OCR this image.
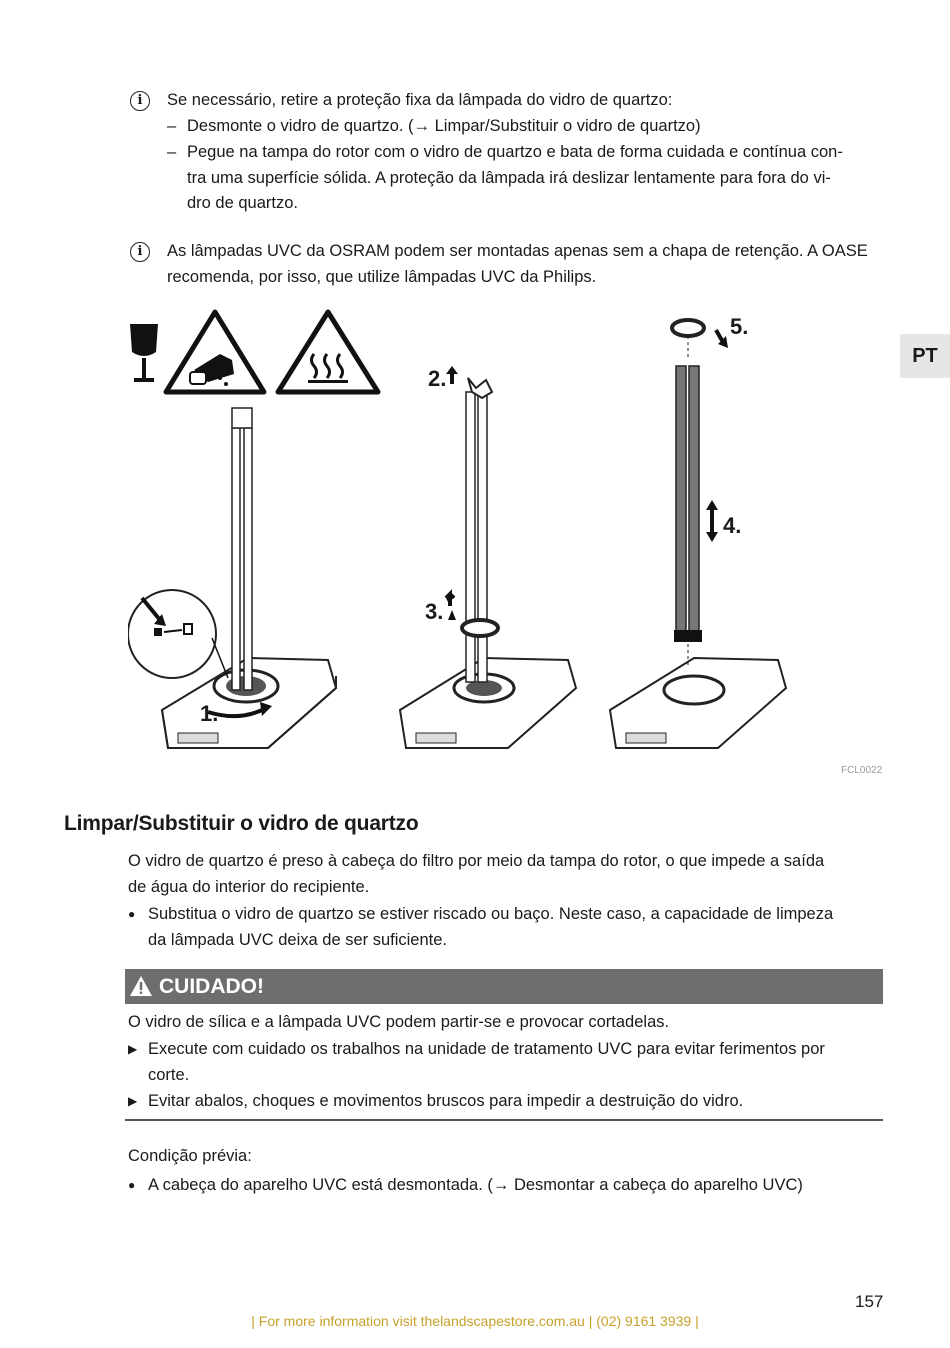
i	Se necessário, retire a proteção fixa da lâmpada do vidro de quartzo:
– Desmonte o vidro de quartzo. (→ Limpar/Substituir o vidro de quartzo)
– Pegue na tampa do rotor com o vidro de quartzo e bata de forma cuidada e contínua con-
tra uma superfície sólida. A proteção da lâmpada irá deslizar lentamente para fora do vi-
dro de quartzo.
i	As lâmpadas UVC da OSRAM podem ser montadas apenas sem a chapa de retenção. A OASE
recomenda, por isso, que utilize lâmpadas UVC da Philips.
PT
1.
2.
3.
4.
5.
FCL0022
Limpar/Substituir o vidro de quartzo
O vidro de quartzo é preso à cabeça do filtro por meio da tampa do rotor, o que impede a saída
de água do interior do recipiente.
● Substitua o vidro de quartzo se estiver riscado ou baço. Neste caso, a capacidade de limpeza
da lâmpada UVC deixa de ser suficiente.
CUIDADO!
O vidro de sílica e a lâmpada UVC podem partir-se e provocar cortadelas.
▶ Execute com cuidado os trabalhos na unidade de tratamento UVC para evitar ferimentos por
corte.
▶ Evitar abalos, choques e movimentos bruscos para impedir a destruição do vidro.
Condição prévia:
● A cabeça do aparelho UVC está desmontada. (→ Desmontar a cabeça do aparelho UVC)
157
| For more information visit thelandscapestore.com.au | (02) 9161 3939 |
